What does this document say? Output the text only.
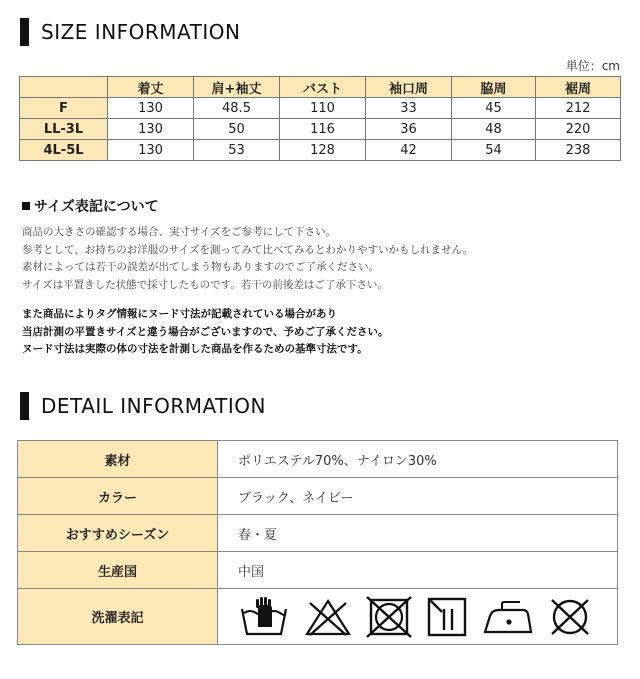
SIZE INFORMATION
単位：cm
	着丈	肩+袖丈	バスト	袖口周	脇周	裾周
F	130	48.5	110	33	45	212
LL-3L	130	50	116	36	48	220
4L-5L	130	53	128	42	54	238
サイズ表記について
商品の大きさの確認する場合、実寸サイズをご参考にして下さい。
参考として、お持ちのお洋服のサイズを測ってみて比べてみるとわかりやすいかもしれません。
素材によっては若干の誤差が出てしまう物もありますのでご了承ください。
サイズは平置きした状態で採寸したものです。若干の前後差はご了承下さい。
また商品によりタグ情報にヌード寸法が記載されている場合があり
当店計測の平置きサイズと違う場合がございますので、予めご了承ください。
ヌード寸法は実際の体の寸法を計測した商品を作るための基準寸法です。
DETAIL INFORMATION
素材	ポリエステル70%、ナイロン30%
カラー	ブラック、ネイビー
おすすめシーズン	春・夏
生産国	中国
洗濯表記	
